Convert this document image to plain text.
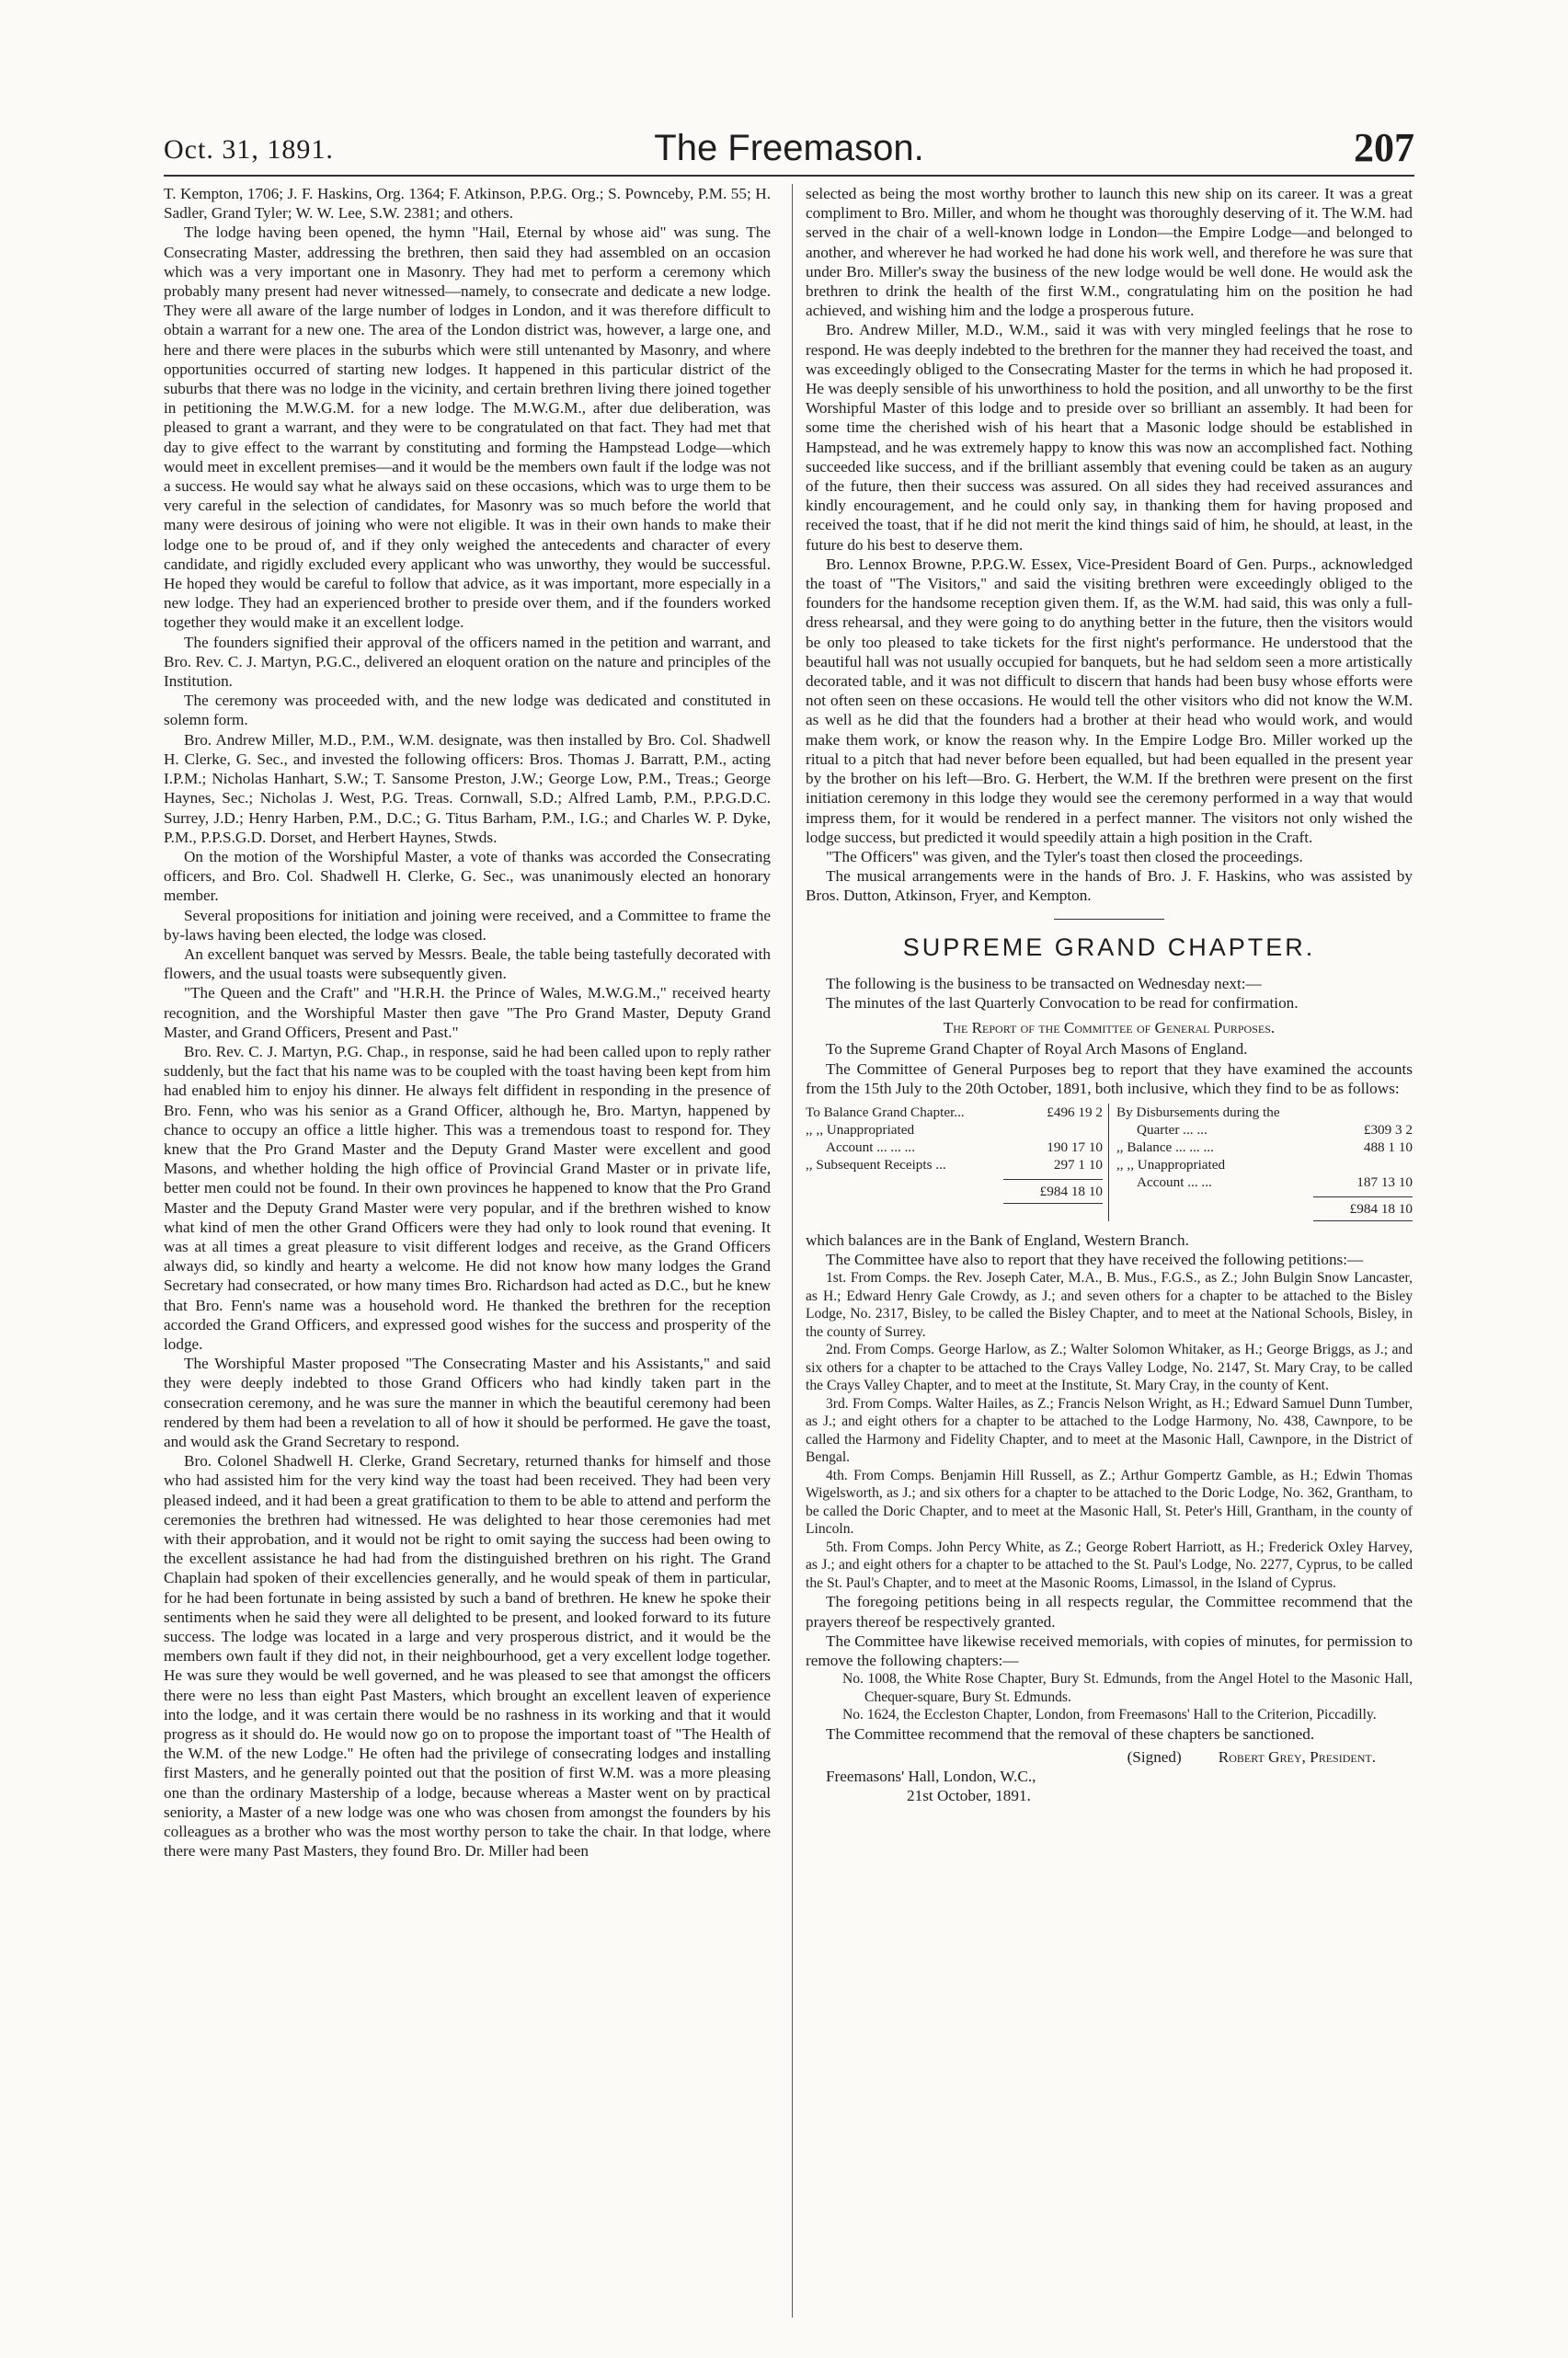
Oct. 31, 1891.	The Freemason.	207

T. Kempton, 1706; J. F. Haskins, Org. 1364; F. Atkinson, P.P.G. Org.; S. Pownceby, P.M. 55; H. Sadler, Grand Tyler; W. W. Lee, S.W. 2381; and others.

The lodge having been opened, the hymn "Hail, Eternal by whose aid" was sung. The Consecrating Master, addressing the brethren, then said they had assembled on an occasion which was a very important one in Masonry. They had met to perform a ceremony which probably many present had never witnessed—namely, to consecrate and dedicate a new lodge. They were all aware of the large number of lodges in London, and it was therefore difficult to obtain a warrant for a new one. The area of the London district was, however, a large one, and here and there were places in the suburbs which were still untenanted by Masonry, and where opportunities occurred of starting new lodges. It happened in this particular district of the suburbs that there was no lodge in the vicinity, and certain brethren living there joined together in petitioning the M.W.G.M. for a new lodge. The M.W.G.M., after due deliberation, was pleased to grant a warrant, and they were to be congratulated on that fact. They had met that day to give effect to the warrant by constituting and forming the Hampstead Lodge—which would meet in excellent premises—and it would be the members own fault if the lodge was not a success. He would say what he always said on these occasions, which was to urge them to be very careful in the selection of candidates, for Masonry was so much before the world that many were desirous of joining who were not eligible. It was in their own hands to make their lodge one to be proud of, and if they only weighed the antecedents and character of every candidate, and rigidly excluded every applicant who was unworthy, they would be successful. He hoped they would be careful to follow that advice, as it was important, more especially in a new lodge. They had an experienced brother to preside over them, and if the founders worked together they would make it an excellent lodge.

The founders signified their approval of the officers named in the petition and warrant, and Bro. Rev. C. J. Martyn, P.G.C., delivered an eloquent oration on the nature and principles of the Institution.

The ceremony was proceeded with, and the new lodge was dedicated and constituted in solemn form.

Bro. Andrew Miller, M.D., P.M., W.M. designate, was then installed by Bro. Col. Shadwell H. Clerke, G. Sec., and invested the following officers: Bros. Thomas J. Barratt, P.M., acting I.P.M.; Nicholas Hanhart, S.W.; T. Sansome Preston, J.W.; George Low, P.M., Treas.; George Haynes, Sec.; Nicholas J. West, P.G. Treas. Cornwall, S.D.; Alfred Lamb, P.M., P.P.G.D.C. Surrey, J.D.; Henry Harben, P.M., D.C.; G. Titus Barham, P.M., I.G.; and Charles W. P. Dyke, P.M., P.P.S.G.D. Dorset, and Herbert Haynes, Stwds.

On the motion of the Worshipful Master, a vote of thanks was accorded the Consecrating officers, and Bro. Col. Shadwell H. Clerke, G. Sec., was unanimously elected an honorary member.

Several propositions for initiation and joining were received, and a Committee to frame the by-laws having been elected, the lodge was closed.

An excellent banquet was served by Messrs. Beale, the table being tastefully decorated with flowers, and the usual toasts were subsequently given.

"The Queen and the Craft" and "H.R.H. the Prince of Wales, M.W.G.M.," received hearty recognition, and the Worshipful Master then gave "The Pro Grand Master, Deputy Grand Master, and Grand Officers, Present and Past."

Bro. Rev. C. J. Martyn, P.G. Chap., in response, said he had been called upon to reply rather suddenly, but the fact that his name was to be coupled with the toast having been kept from him had enabled him to enjoy his dinner. He always felt diffident in responding in the presence of Bro. Fenn, who was his senior as a Grand Officer, although he, Bro. Martyn, happened by chance to occupy an office a little higher. This was a tremendous toast to respond for. They knew that the Pro Grand Master and the Deputy Grand Master were excellent and good Masons, and whether holding the high office of Provincial Grand Master or in private life, better men could not be found. In their own provinces he happened to know that the Pro Grand Master and the Deputy Grand Master were very popular, and if the brethren wished to know what kind of men the other Grand Officers were they had only to look round that evening. It was at all times a great pleasure to visit different lodges and receive, as the Grand Officers always did, so kindly and hearty a welcome. He did not know how many lodges the Grand Secretary had consecrated, or how many times Bro. Richardson had acted as D.C., but he knew that Bro. Fenn's name was a household word. He thanked the brethren for the reception accorded the Grand Officers, and expressed good wishes for the success and prosperity of the lodge.

The Worshipful Master proposed "The Consecrating Master and his Assistants," and said they were deeply indebted to those Grand Officers who had kindly taken part in the consecration ceremony, and he was sure the manner in which the beautiful ceremony had been rendered by them had been a revelation to all of how it should be performed. He gave the toast, and would ask the Grand Secretary to respond.

Bro. Colonel Shadwell H. Clerke, Grand Secretary, returned thanks for himself and those who had assisted him for the very kind way the toast had been received. They had been very pleased indeed, and it had been a great gratification to them to be able to attend and perform the ceremonies the brethren had witnessed. He was delighted to hear those ceremonies had met with their approbation, and it would not be right to omit saying the success had been owing to the excellent assistance he had had from the distinguished brethren on his right. The Grand Chaplain had spoken of their excellencies generally, and he would speak of them in particular, for he had been fortunate in being assisted by such a band of brethren. He knew he spoke their sentiments when he said they were all delighted to be present, and looked forward to its future success. The lodge was located in a large and very prosperous district, and it would be the members own fault if they did not, in their neighbourhood, get a very excellent lodge together. He was sure they would be well governed, and he was pleased to see that amongst the officers there were no less than eight Past Masters, which brought an excellent leaven of experience into the lodge, and it was certain there would be no rashness in its working and that it would progress as it should do. He would now go on to propose the important toast of "The Health of the W.M. of the new Lodge." He often had the privilege of consecrating lodges and installing first Masters, and he generally pointed out that the position of first W.M. was a more pleasing one than the ordinary Mastership of a lodge, because whereas a Master went on by practical seniority, a Master of a new lodge was one who was chosen from amongst the founders by his colleagues as a brother who was the most worthy person to take the chair. In that lodge, where there were many Past Masters, they found Bro. Dr. Miller had been

selected as being the most worthy brother to launch this new ship on its career. It was a great compliment to Bro. Miller, and whom he thought was thoroughly deserving of it. The W.M. had served in the chair of a well-known lodge in London—the Empire Lodge—and belonged to another, and wherever he had worked he had done his work well, and therefore he was sure that under Bro. Miller's sway the business of the new lodge would be well done. He would ask the brethren to drink the health of the first W.M., congratulating him on the position he had achieved, and wishing him and the lodge a prosperous future.

Bro. Andrew Miller, M.D., W.M., said it was with very mingled feelings that he rose to respond. He was deeply indebted to the brethren for the manner they had received the toast, and was exceedingly obliged to the Consecrating Master for the terms in which he had proposed it. He was deeply sensible of his unworthiness to hold the position, and all unworthy to be the first Worshipful Master of this lodge and to preside over so brilliant an assembly. It had been for some time the cherished wish of his heart that a Masonic lodge should be established in Hampstead, and he was extremely happy to know this was now an accomplished fact. Nothing succeeded like success, and if the brilliant assembly that evening could be taken as an augury of the future, then their success was assured. On all sides they had received assurances and kindly encouragement, and he could only say, in thanking them for having proposed and received the toast, that if he did not merit the kind things said of him, he should, at least, in the future do his best to deserve them.

Bro. Lennox Browne, P.P.G.W. Essex, Vice-President Board of Gen. Purps., acknowledged the toast of "The Visitors," and said the visiting brethren were exceedingly obliged to the founders for the handsome reception given them. If, as the W.M. had said, this was only a full-dress rehearsal, and they were going to do anything better in the future, then the visitors would be only too pleased to take tickets for the first night's performance. He understood that the beautiful hall was not usually occupied for banquets, but he had seldom seen a more artistically decorated table, and it was not difficult to discern that hands had been busy whose efforts were not often seen on these occasions. He would tell the other visitors who did not know the W.M. as well as he did that the founders had a brother at their head who would work, and would make them work, or know the reason why. In the Empire Lodge Bro. Miller worked up the ritual to a pitch that had never before been equalled, but had been equalled in the present year by the brother on his left—Bro. G. Herbert, the W.M. If the brethren were present on the first initiation ceremony in this lodge they would see the ceremony performed in a way that would impress them, for it would be rendered in a perfect manner. The visitors not only wished the lodge success, but predicted it would speedily attain a high position in the Craft.

"The Officers" was given, and the Tyler's toast then closed the proceedings.

The musical arrangements were in the hands of Bro. J. F. Haskins, who was assisted by Bros. Dutton, Atkinson, Fryer, and Kempton.

SUPREME GRAND CHAPTER.

The following is the business to be transacted on Wednesday next:—

The minutes of the last Quarterly Convocation to be read for confirmation.

The Report of the Committee of General Purposes.

To the Supreme Grand Chapter of Royal Arch Masons of England.

The Committee of General Purposes beg to report that they have examined the accounts from the 15th July to the 20th October, 1891, both inclusive, which they find to be as follows:

To Balance Grand Chapter...	£496 19 2
,, ,, Unappropriated
Account ... ... ...	190 17 10
,, Subsequent Receipts ...	297 1 10
£984 18 10
By Disbursements during the
Quarter ... ...	£309 3 2
,, Balance ... ... ...	488 1 10
,, ,, Unappropriated
Account ... ...	187 13 10
£984 18 10

which balances are in the Bank of England, Western Branch.

The Committee have also to report that they have received the following petitions:—

1st. From Comps. the Rev. Joseph Cater, M.A., B. Mus., F.G.S., as Z.; John Bulgin Snow Lancaster, as H.; Edward Henry Gale Crowdy, as J.; and seven others for a chapter to be attached to the Bisley Lodge, No. 2317, Bisley, to be called the Bisley Chapter, and to meet at the National Schools, Bisley, in the county of Surrey.

2nd. From Comps. George Harlow, as Z.; Walter Solomon Whitaker, as H.; George Briggs, as J.; and six others for a chapter to be attached to the Crays Valley Lodge, No. 2147, St. Mary Cray, to be called the Crays Valley Chapter, and to meet at the Institute, St. Mary Cray, in the county of Kent.

3rd. From Comps. Walter Hailes, as Z.; Francis Nelson Wright, as H.; Edward Samuel Dunn Tumber, as J.; and eight others for a chapter to be attached to the Lodge Harmony, No. 438, Cawnpore, to be called the Harmony and Fidelity Chapter, and to meet at the Masonic Hall, Cawnpore, in the District of Bengal.

4th. From Comps. Benjamin Hill Russell, as Z.; Arthur Gompertz Gamble, as H.; Edwin Thomas Wigelsworth, as J.; and six others for a chapter to be attached to the Doric Lodge, No. 362, Grantham, to be called the Doric Chapter, and to meet at the Masonic Hall, St. Peter's Hill, Grantham, in the county of Lincoln.

5th. From Comps. John Percy White, as Z.; George Robert Harriott, as H.; Frederick Oxley Harvey, as J.; and eight others for a chapter to be attached to the St. Paul's Lodge, No. 2277, Cyprus, to be called the St. Paul's Chapter, and to meet at the Masonic Rooms, Limassol, in the Island of Cyprus.

The foregoing petitions being in all respects regular, the Committee recommend that the prayers thereof be respectively granted.

The Committee have likewise received memorials, with copies of minutes, for permission to remove the following chapters:—

No. 1008, the White Rose Chapter, Bury St. Edmunds, from the Angel Hotel to the Masonic Hall, Chequer-square, Bury St. Edmunds.

No. 1624, the Eccleston Chapter, London, from Freemasons' Hall to the Criterion, Piccadilly.

The Committee recommend that the removal of these chapters be sanctioned.

(Signed) Robert Grey, President.
Freemasons' Hall, London, W.C.,
21st October, 1891.
